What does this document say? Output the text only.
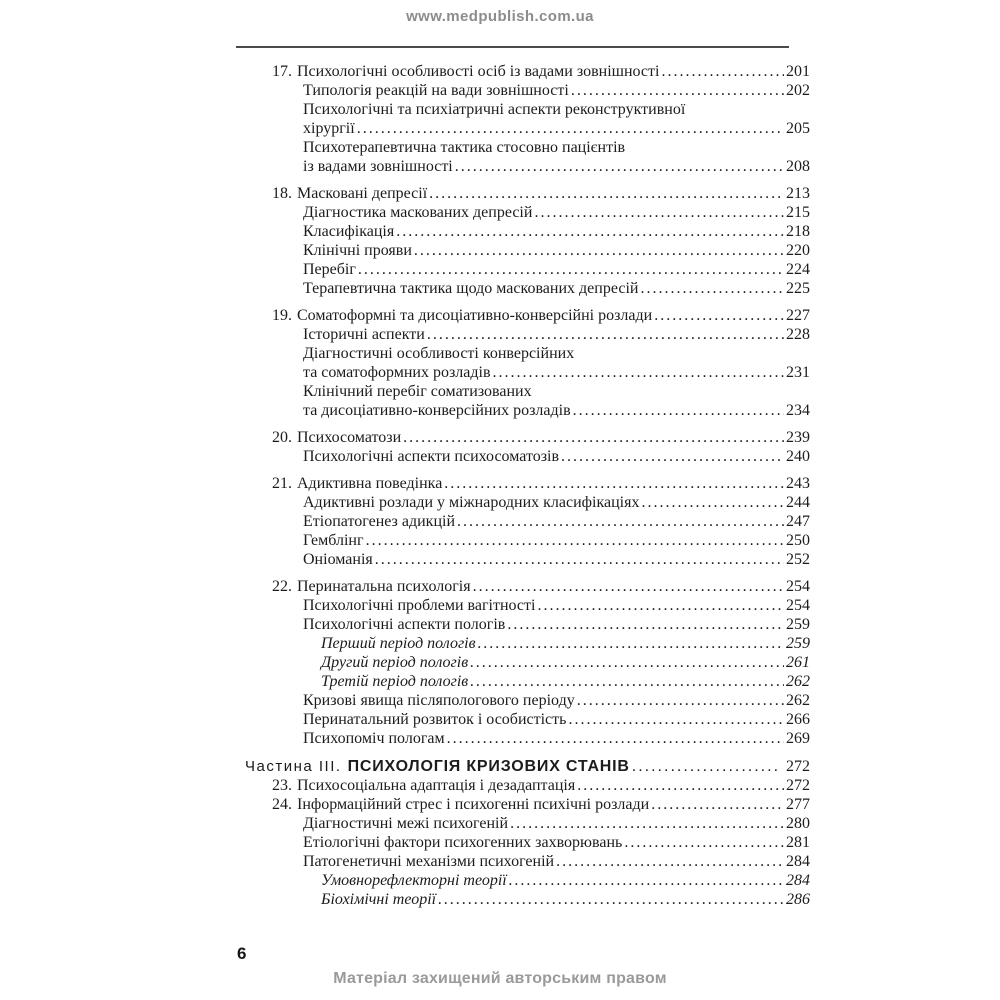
www.medpublish.com.ua
17. Психологічні особливості осіб із вадами зовнішності .....	201
Типологія реакцій на вади зовнішності .....	202
Психологічні та психіатричні аспекти реконструктивної
хірургії .....	205
Психотерапевтична тактика стосовно пацієнтів
із вадами зовнішності .....	208
18. Масковані депресії .....	213
Діагностика маскованих депресій .....	215
Класифікація .....	218
Клінічні прояви .....	220
Перебіг .....	224
Терапевтична тактика щодо маскованих депресій .....	225
19. Соматоформні та дисоціативно-конверсійні розлади .....	227
Історичні аспекти .....	228
Діагностичні особливості конверсійних
та соматоформних розладів .....	231
Клінічний перебіг соматизованих
та дисоціативно-конверсійних розладів .....	234
20. Психосоматози .....	239
Психологічні аспекти психосоматозів .....	240
21. Адиктивна поведінка .....	243
Адиктивні розлади у міжнародних класифікаціях .....	244
Етіопатогенез адикцій .....	247
Гемблінг .....	250
Оніоманія .....	252
22. Перинатальна психологія .....	254
Психологічні проблеми вагітності .....	254
Психологічні аспекти пологів .....	259
Перший період пологів .....	259
Другий період пологів .....	261
Третій період пологів .....	262
Кризові явища післяпологового періоду .....	262
Перинатальний розвиток і особистість .....	266
Психопоміч пологам .....	269
Частина III. ПСИХОЛОГІЯ КРИЗОВИХ СТАНІВ .....	272
23. Психосоціальна адаптація і дезадаптація .....	272
24. Інформаційний стрес і психогенні психічні розлади .....	277
Діагностичні межі психогеній .....	280
Етіологічні фактори психогенних захворювань .....	281
Патогенетичні механізми психогеній .....	284
Умовнорефлекторні теорії .....	284
Біохімічні теорії .....	286
6
Матеріал захищений авторським правом
